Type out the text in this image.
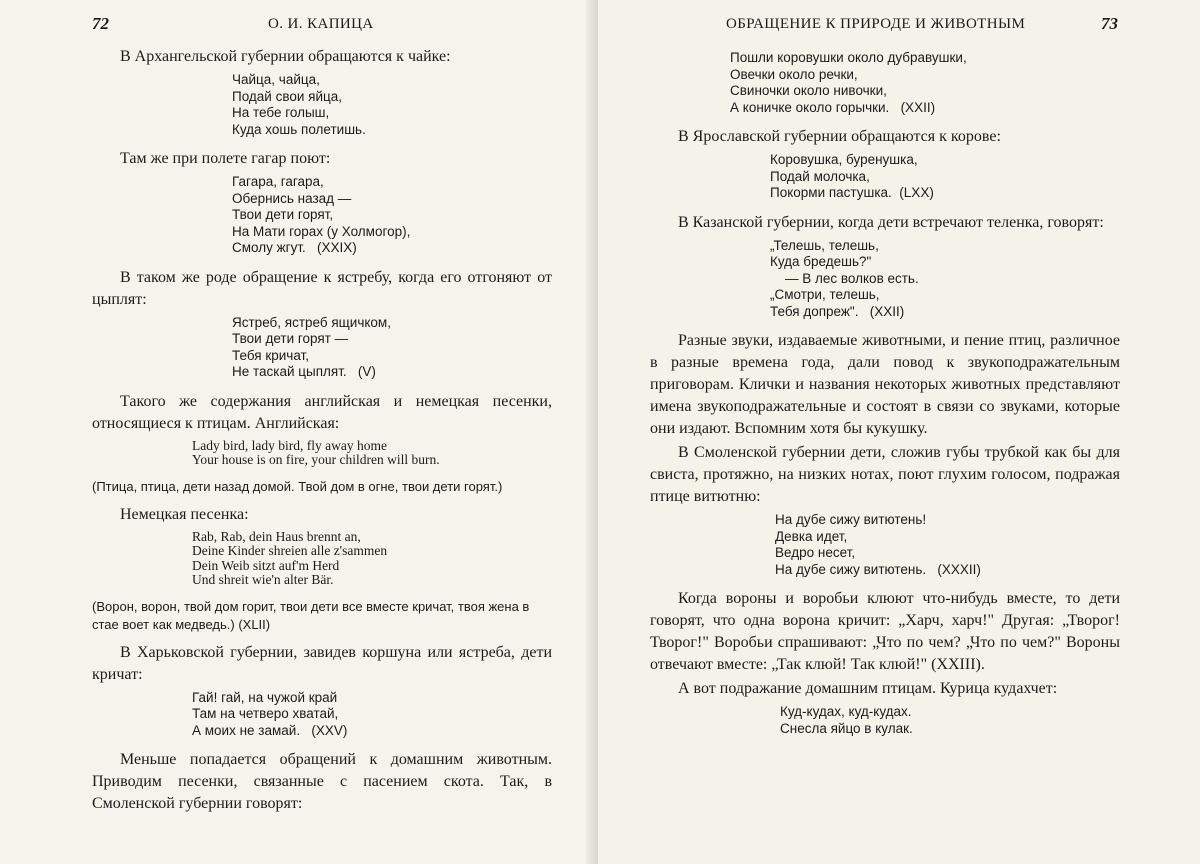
72	О. И. КАПИЦА
В Архангельской губернии обращаются к чайке:
Чайца, чайца,
Подай свои яйца,
На тебе голыш,
Куда хошь полетишь.
Там же при полете гагар поют:
Гагара, гагара,
Обернись назад —
Твои дети горят,
На Мати горах (у Холмогор),
Смолу жгут.   (XXIX)
В таком же роде обращение к ястребу, когда его отгоняют от цыплят:
Ястреб, ястреб ящичком,
Твои дети горят —
Тебя кричат,
Не таскай цыплят.   (V)
Такого же содержания английская и немецкая песенки, относящиеся к птицам. Английская:
Lady bird, lady bird, fly away home
Your house is on fire, your children will burn.
(Птица, птица, дети назад домой. Твой дом в огне, твои дети горят.)
Немецкая песенка:
Rab, Rab, dein Haus brennt an,
Deine Kinder shreien alle z'sammen
Dein Weib sitzt auf'm Herd
Und shreit wie'n alter Bär.
(Ворон, ворон, твой дом горит, твои дети все вместе кричат, твоя жена в стае воет как медведь.) (XLII)
В Харьковской губернии, завидев коршуна или ястреба, дети кричат:
Гай! гай, на чужой край
Там на четверо хватай,
А моих не замай.   (XXV)
Меньше попадается обращений к домашним животным. Приводим песенки, связанные с пасением скота. Так, в Смоленской губернии говорят:
73
ОБРАЩЕНИЕ К ПРИРОДЕ И ЖИВОТНЫМ
Пошли коровушки около дубравушки,
Овечки около речки,
Свиночки около нивочки,
А коничке около горычки.   (XXII)
В Ярославской губернии обращаются к корове:
Коровушка, буренушка,
Подай молочка,
Покорми пастушка.  (LXX)
В Казанской губернии, когда дети встречают теленка, говорят:
„Телешь, телешь,
Куда бредешь?"
— В лес волков есть.
„Смотри, телешь,
Тебя допреж".   (XXII)
Разные звуки, издаваемые животными, и пение птиц, различное в разные времена года, дали повод к звукоподражательным приговорам. Клички и названия некоторых животных представляют имена звукоподражательные и состоят в связи со звуками, которые они издают. Вспомним хотя бы кукушку.
В Смоленской губернии дети, сложив губы трубкой как бы для свиста, протяжно, на низких нотах, поют глухим голосом, подражая птице витютню:
На дубе сижу витютень!
Девка идет,
Ведро несет,
На дубе сижу витютень.   (XXXII)
Когда вороны и воробьи клюют что-нибудь вместе, то дети говорят, что одна ворона кричит: „Харч, харч!" Другая: „Творог! Творог!" Воробьи спрашивают: „Что по чем? „Что по чем?" Вороны отвечают вместе: „Так клюй! Так клюй!" (XXIII).
А вот подражание домашним птицам. Курица кудахчет:
Куд-кудах, куд-кудах.
Снесла яйцо в кулак.
